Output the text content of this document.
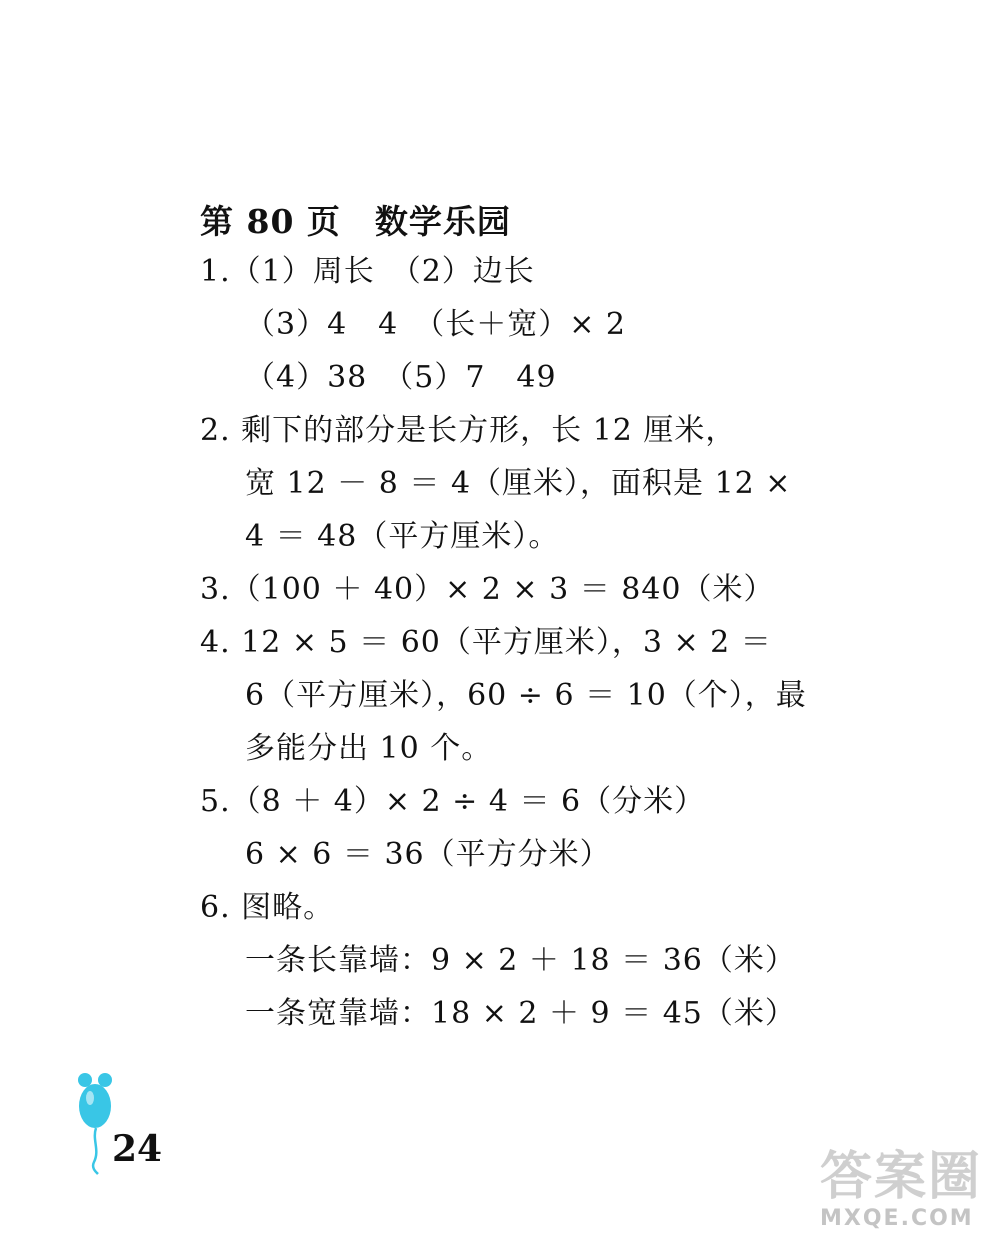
第 80 页 数学乐园
1.（1）周长　（2）边长
（3）4　4　（长＋宽）× 2
（4）38　（5）7　49
2. 剩下的部分是长方形，长 12 厘米，
宽 12 － 8 ＝ 4（厘米），面积是 12 ×
4 ＝ 48（平方厘米）。
3.（100 ＋ 40）× 2 × 3 ＝ 840（米）
4. 12 × 5 ＝ 60（平方厘米），3 × 2 ＝
6（平方厘米），60 ÷ 6 ＝ 10（个），最
多能分出 10 个。
5.（8 ＋ 4）× 2 ÷ 4 ＝ 6（分米）
6 × 6 ＝ 36（平方分米）
6. 图略。
一条长靠墙：9 × 2 ＋ 18 ＝ 36（米）
一条宽靠墙：18 × 2 ＋ 9 ＝ 45（米）
24	答案圈
MXQE.COM
